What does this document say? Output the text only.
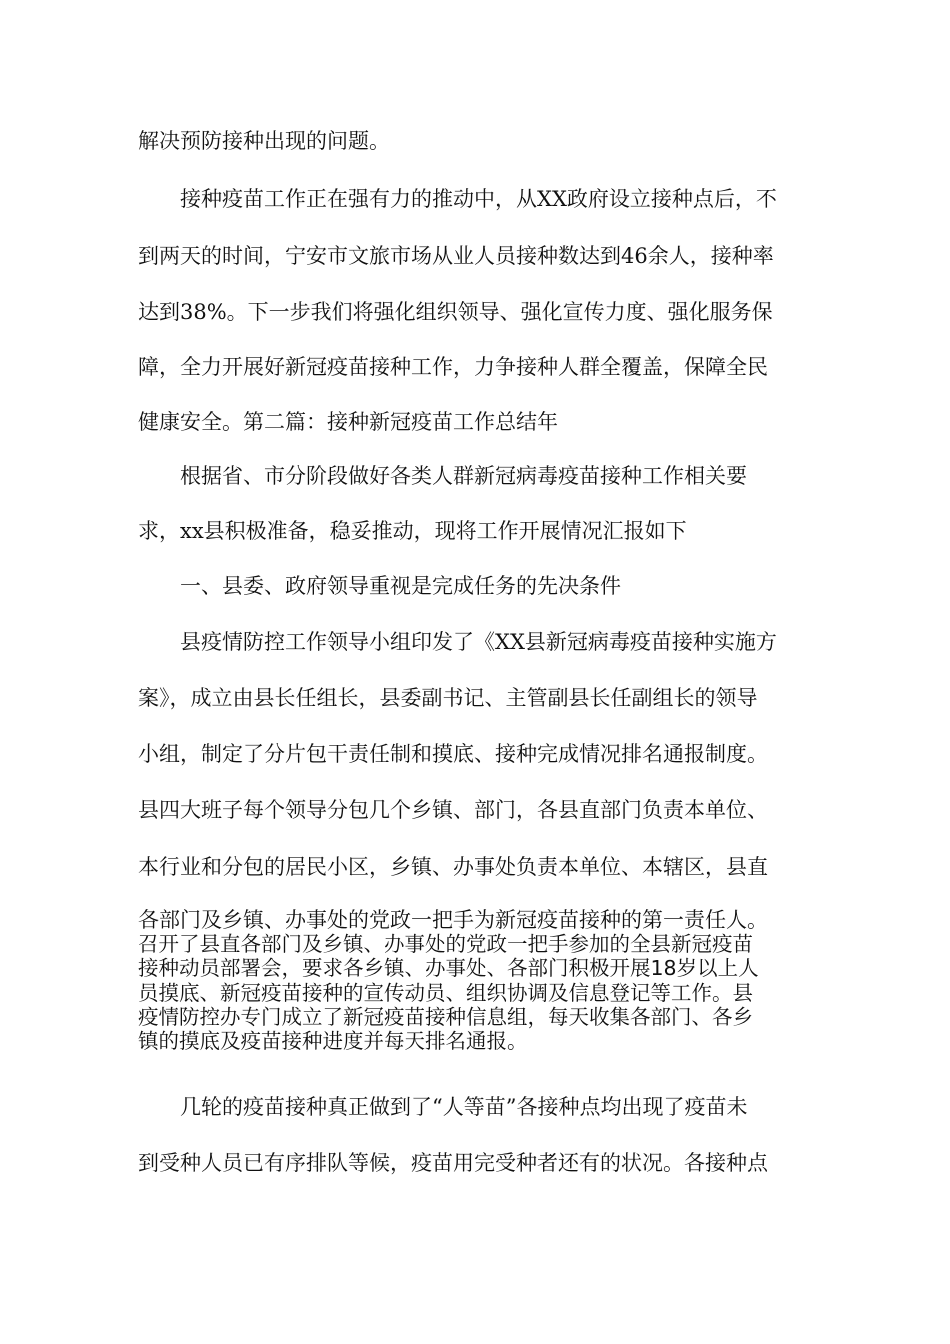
解决预防接种出现的问题。
接种疫苗工作正在强有力的推动中，从XX政府设立接种点后，不
到两天的时间，宁安市文旅市场从业人员接种数达到46余人，接种率
达到38%。下一步我们将强化组织领导、强化宣传力度、强化服务保
障，全力开展好新冠疫苗接种工作，力争接种人群全覆盖，保障全民
健康安全。第二篇：接种新冠疫苗工作总结年
根据省、市分阶段做好各类人群新冠病毒疫苗接种工作相关要
求，xx县积极准备，稳妥推动，现将工作开展情况汇报如下
一、县委、政府领导重视是完成任务的先决条件
县疫情防控工作领导小组印发了《XX县新冠病毒疫苗接种实施方
案》，成立由县长任组长，县委副书记、主管副县长任副组长的领导
小组，制定了分片包干责任制和摸底、接种完成情况排名通报制度。
县四大班子每个领导分包几个乡镇、部门，各县直部门负责本单位、
本行业和分包的居民小区，乡镇、办事处负责本单位、本辖区，县直
各部门及乡镇、办事处的党政一把手为新冠疫苗接种的第一责任人。
召开了县直各部门及乡镇、办事处的党政一把手参加的全县新冠疫苗
接种动员部署会，要求各乡镇、办事处、各部门积极开展18岁以上人
员摸底、新冠疫苗接种的宣传动员、组织协调及信息登记等工作。县
疫情防控办专门成立了新冠疫苗接种信息组，每天收集各部门、各乡
镇的摸底及疫苗接种进度并每天排名通报。
几轮的疫苗接种真正做到了“人等苗”各接种点均出现了疫苗未
到受种人员已有序排队等候，疫苗用完受种者还有的状况。各接种点
